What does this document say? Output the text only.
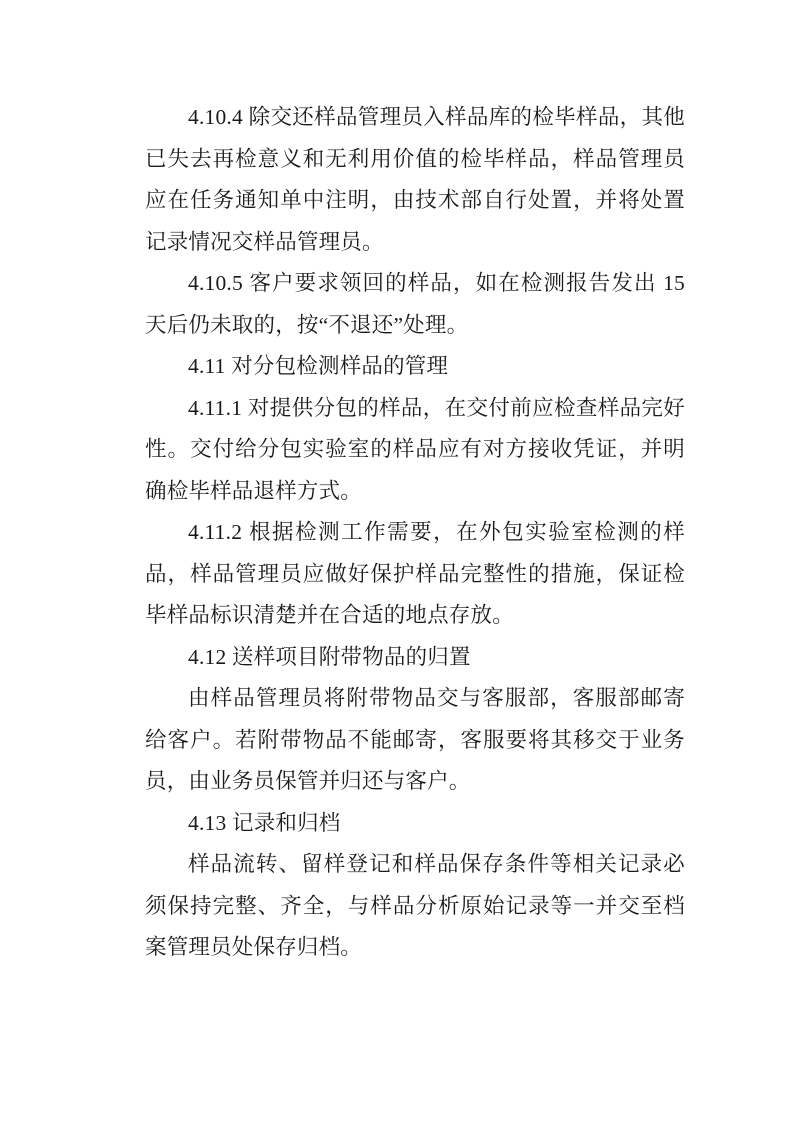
4.10.4 除交还样品管理员入样品库的检毕样品，其他已失去再检意义和无利用价值的检毕样品，样品管理员应在任务通知单中注明，由技术部自行处置，并将处置记录情况交样品管理员。

4.10.5 客户要求领回的样品，如在检测报告发出 15 天后仍未取的，按“不退还”处理。

4.11 对分包检测样品的管理

4.11.1 对提供分包的样品，在交付前应检查样品完好性。交付给分包实验室的样品应有对方接收凭证，并明确检毕样品退样方式。

4.11.2 根据检测工作需要，在外包实验室检测的样品，样品管理员应做好保护样品完整性的措施，保证检毕样品标识清楚并在合适的地点存放。

4.12 送样项目附带物品的归置

由样品管理员将附带物品交与客服部，客服部邮寄给客户。若附带物品不能邮寄，客服要将其移交于业务员，由业务员保管并归还与客户。

4.13 记录和归档

样品流转、留样登记和样品保存条件等相关记录必须保持完整、齐全，与样品分析原始记录等一并交至档案管理员处保存归档。
